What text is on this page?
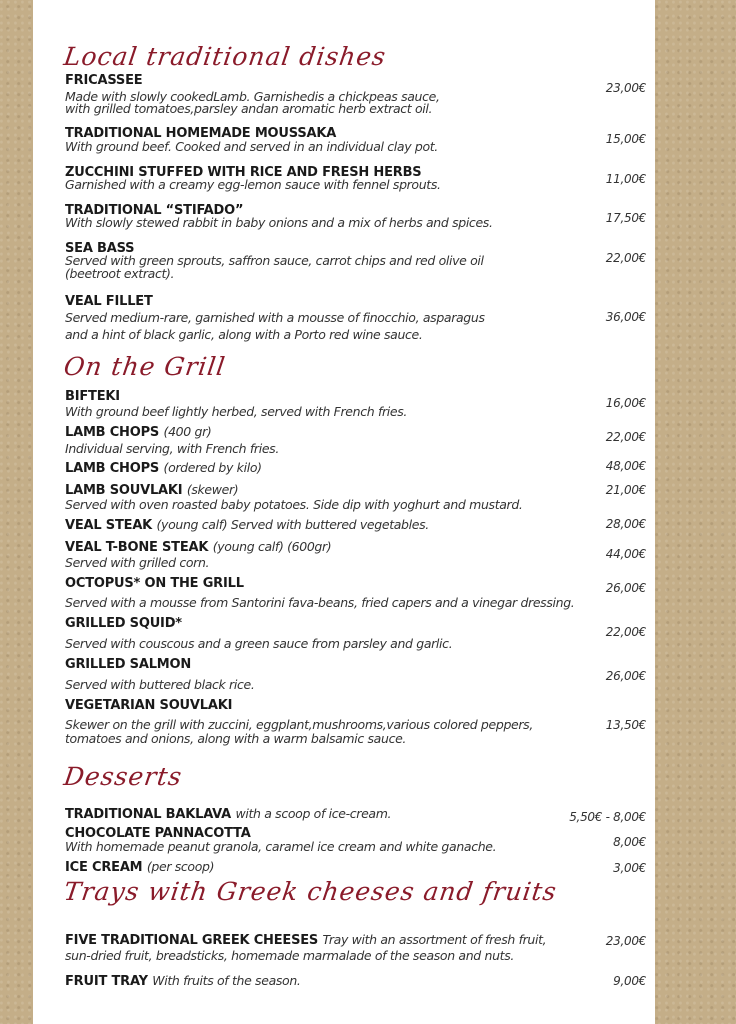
Local traditional dishes
FRICASSEE
Made with slowly cookedLamb. Garnishedis a chickpeas sauce,
with grilled tomatoes,parsley andan aromatic herb extract oil.
23,00€
TRADITIONAL HOMEMADE MOUSSAKA
With ground beef. Cooked and served in an individual clay pot.	15,00€
ZUCCHINI STUFFED WITH RICE AND FRESH HERBS
Garnished with a creamy egg-lemon sauce with fennel sprouts.	11,00€
TRADITIONAL “STIFADO”
With slowly stewed rabbit in baby onions and a mix of herbs and spices.	17,50€
SEA BASS
Served with green sprouts, saffron sauce, carrot chips and red olive oil
(beetroot extract).
22,00€
VEAL FILLET
Served medium-rare, garnished with a mousse of finocchio, asparagus
and a hint of black garlic, along with a Porto red wine sauce.
36,00€
On the Grill
BIFTEKI
With ground beef lightly herbed, served with French fries.
16,00€
LAMB CHOPS (400 gr)
Individual serving, with French fries.
22,00€
LAMB CHOPS (ordered by kilo)	48,00€
LAMB SOUVLAKI (skewer)
Served with oven roasted baby potatoes. Side dip with yoghurt and mustard.
21,00€
VEAL STEAK (young calf) Served with buttered vegetables.	28,00€
VEAL T-BONE STEAK (young calf) (600gr)
Served with grilled corn.
44,00€
OCTOPUS* ON THE GRILL
Served with a mousse from Santorini fava-beans, fried capers and a vinegar dressing.
26,00€
GRILLED SQUID*
Served with couscous and a green sauce from parsley and garlic.
22,00€
GRILLED SALMON
Served with buttered black rice.
26,00€
VEGETARIAN SOUVLAKI
Skewer on the grill with zuccini, eggplant,mushrooms,various colored peppers,
tomatoes and onions, along with a warm balsamic sauce.
13,50€
Desserts
TRADITIONAL BAKLAVA with a scoop of ice-cream.	5,50€ - 8,00€
CHOCOLATE PANNACOTTA
With homemade peanut granola, caramel ice cream and white ganache.	8,00€
ICE CREAM (per scoop)	3,00€
Trays with Greek cheeses and fruits
FIVE TRADITIONAL GREEK CHEESES Tray with an assortment of fresh fruit,
sun-dried fruit, breadsticks, homemade marmalade of the season and nuts.
23,00€
FRUIT TRAY With fruits of the season.	9,00€
